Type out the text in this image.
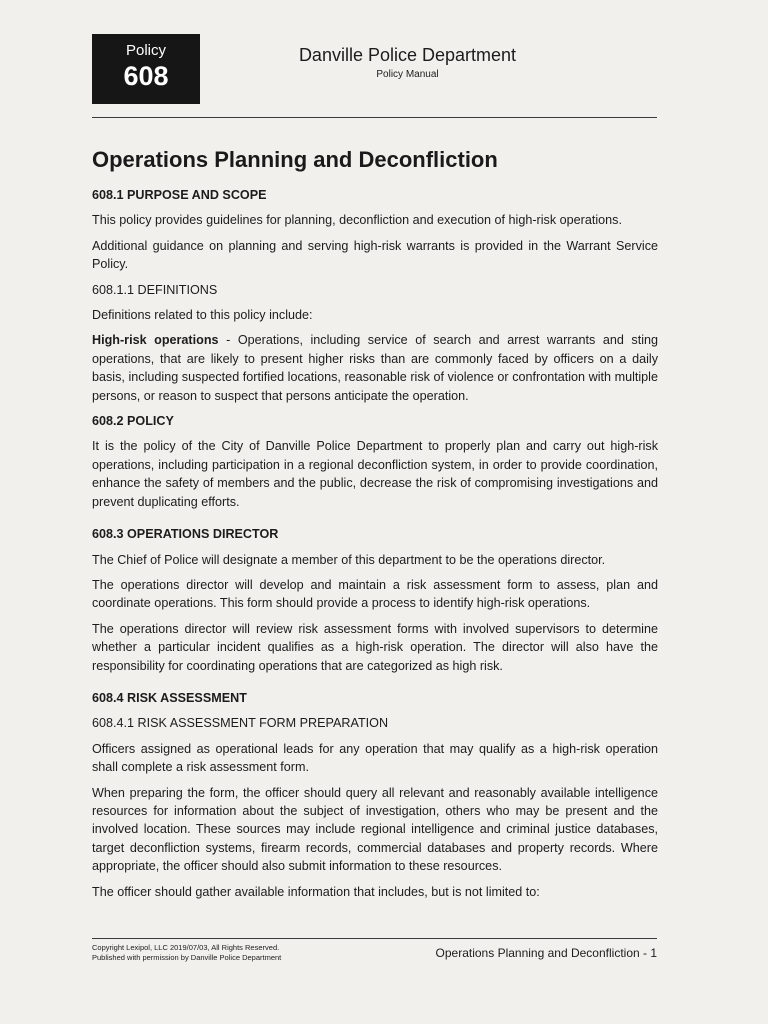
Policy
608
Danville Police Department
Policy Manual
Operations Planning and Deconfliction

608.1 PURPOSE AND SCOPE

This policy provides guidelines for planning, deconfliction and execution of high-risk operations.

Additional guidance on planning and serving high-risk warrants is provided in the Warrant Service Policy.

608.1.1 DEFINITIONS

Definitions related to this policy include:

High-risk operations - Operations, including service of search and arrest warrants and sting operations, that are likely to present higher risks than are commonly faced by officers on a daily basis, including suspected fortified locations, reasonable risk of violence or confrontation with multiple persons, or reason to suspect that persons anticipate the operation.

608.2 POLICY

It is the policy of the City of Danville Police Department to properly plan and carry out high-risk operations, including participation in a regional deconfliction system, in order to provide coordination, enhance the safety of members and the public, decrease the risk of compromising investigations and prevent duplicating efforts.

608.3 OPERATIONS DIRECTOR

The Chief of Police will designate a member of this department to be the operations director.

The operations director will develop and maintain a risk assessment form to assess, plan and coordinate operations. This form should provide a process to identify high-risk operations.

The operations director will review risk assessment forms with involved supervisors to determine whether a particular incident qualifies as a high-risk operation. The director will also have the responsibility for coordinating operations that are categorized as high risk.

608.4 RISK ASSESSMENT

608.4.1 RISK ASSESSMENT FORM PREPARATION

Officers assigned as operational leads for any operation that may qualify as a high-risk operation shall complete a risk assessment form.

When preparing the form, the officer should query all relevant and reasonably available intelligence resources for information about the subject of investigation, others who may be present and the involved location. These sources may include regional intelligence and criminal justice databases, target deconfliction systems, firearm records, commercial databases and property records. Where appropriate, the officer should also submit information to these resources.

The officer should gather available information that includes, but is not limited to:

Copyright Lexipol, LLC 2019/07/03, All Rights Reserved.
Published with permission by Danville Police Department	Operations Planning and Deconfliction - 1
